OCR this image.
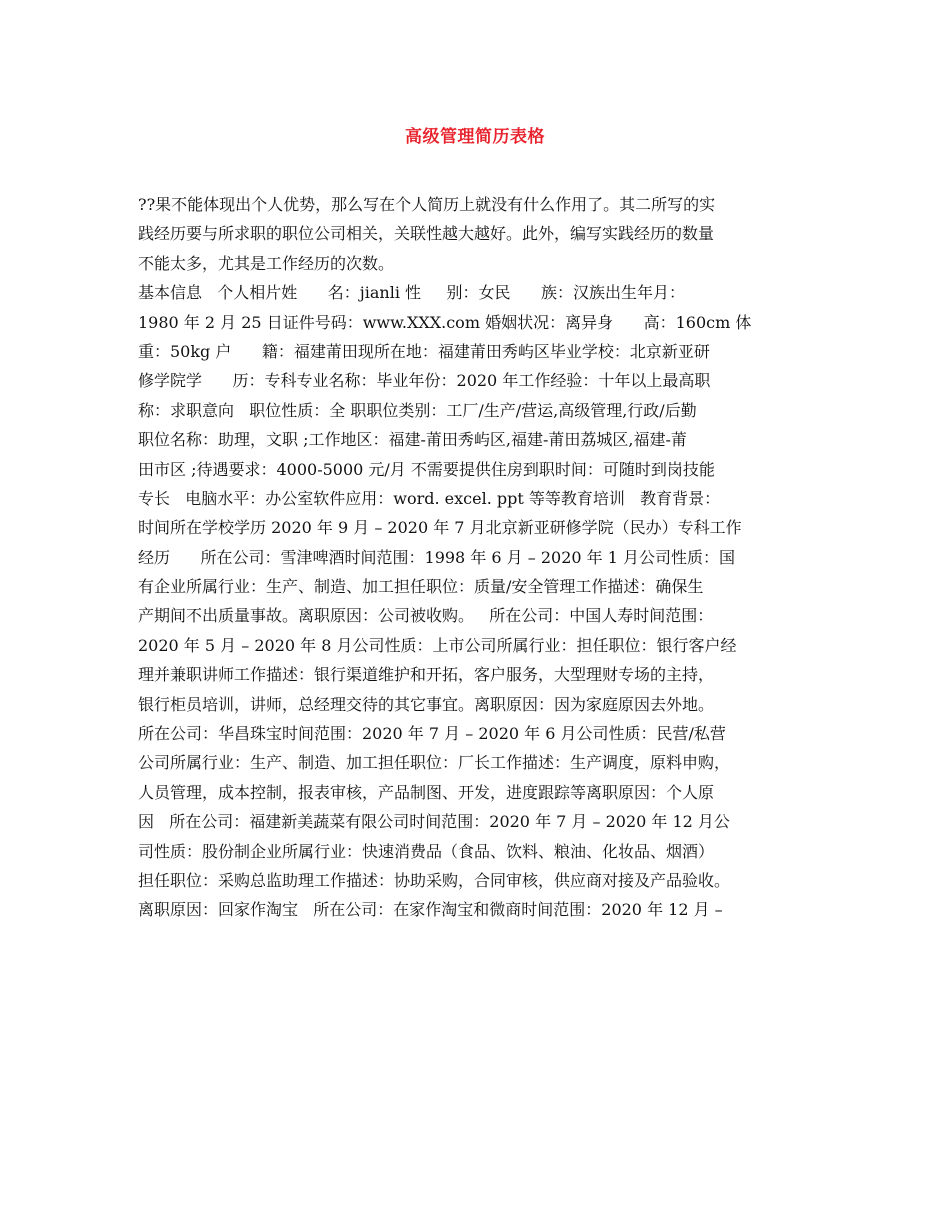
高级管理简历表格
??果不能体现出个人优势，那么写在个人简历上就没有什么作用了。其二所写的实
践经历要与所求职的职位公司相关，关联性越大越好。此外，编写实践经历的数量
不能太多，尤其是工作经历的次数。
基本信息   个人相片姓      名：jianli 性     别：女民      族：汉族出生年月：
1980 年 2 月 25 日证件号码：www.XXX.com 婚姻状况：离异身      高：160cm 体
重：50kg 户      籍：福建莆田现所在地：福建莆田秀屿区毕业学校：北京新亚研
修学院学      历：专科专业名称：毕业年份：2020 年工作经验：十年以上最高职
称：求职意向   职位性质：全 职职位类别：工厂/生产/营运,高级管理,行政/后勤
职位名称：助理，文职 ;工作地区：福建-莆田秀屿区,福建-莆田荔城区,福建-莆
田市区 ;待遇要求：4000-5000 元/月 不需要提供住房到职时间：可随时到岗技能
专长   电脑水平：办公室软件应用：word. excel. ppt 等等教育培训   教育背景：
时间所在学校学历 2020 年 9 月 – 2020 年 7 月北京新亚研修学院（民办）专科工作
经历      所在公司：雪津啤酒时间范围：1998 年 6 月 – 2020 年 1 月公司性质：国
有企业所属行业：生产、制造、加工担任职位：质量/安全管理工作描述：确保生
产期间不出质量事故。离职原因：公司被收购。   所在公司：中国人寿时间范围：
2020 年 5 月 – 2020 年 8 月公司性质：上市公司所属行业：担任职位：银行客户经
理并兼职讲师工作描述：银行渠道维护和开拓，客户服务，大型理财专场的主持，
银行柜员培训，讲师，总经理交待的其它事宜。离职原因：因为家庭原因去外地。
所在公司：华昌珠宝时间范围：2020 年 7 月 – 2020 年 6 月公司性质：民营/私营
公司所属行业：生产、制造、加工担任职位：厂长工作描述：生产调度，原料申购，
人员管理，成本控制，报表审核，产品制图、开发，进度跟踪等离职原因：个人原
因   所在公司：福建新美蔬菜有限公司时间范围：2020 年 7 月 – 2020 年 12 月公
司性质：股份制企业所属行业：快速消费品（食品、饮料、粮油、化妆品、烟酒）
担任职位：采购总监助理工作描述：协助采购，合同审核，供应商对接及产品验收。
离职原因：回家作淘宝   所在公司：在家作淘宝和微商时间范围：2020 年 12 月 –
